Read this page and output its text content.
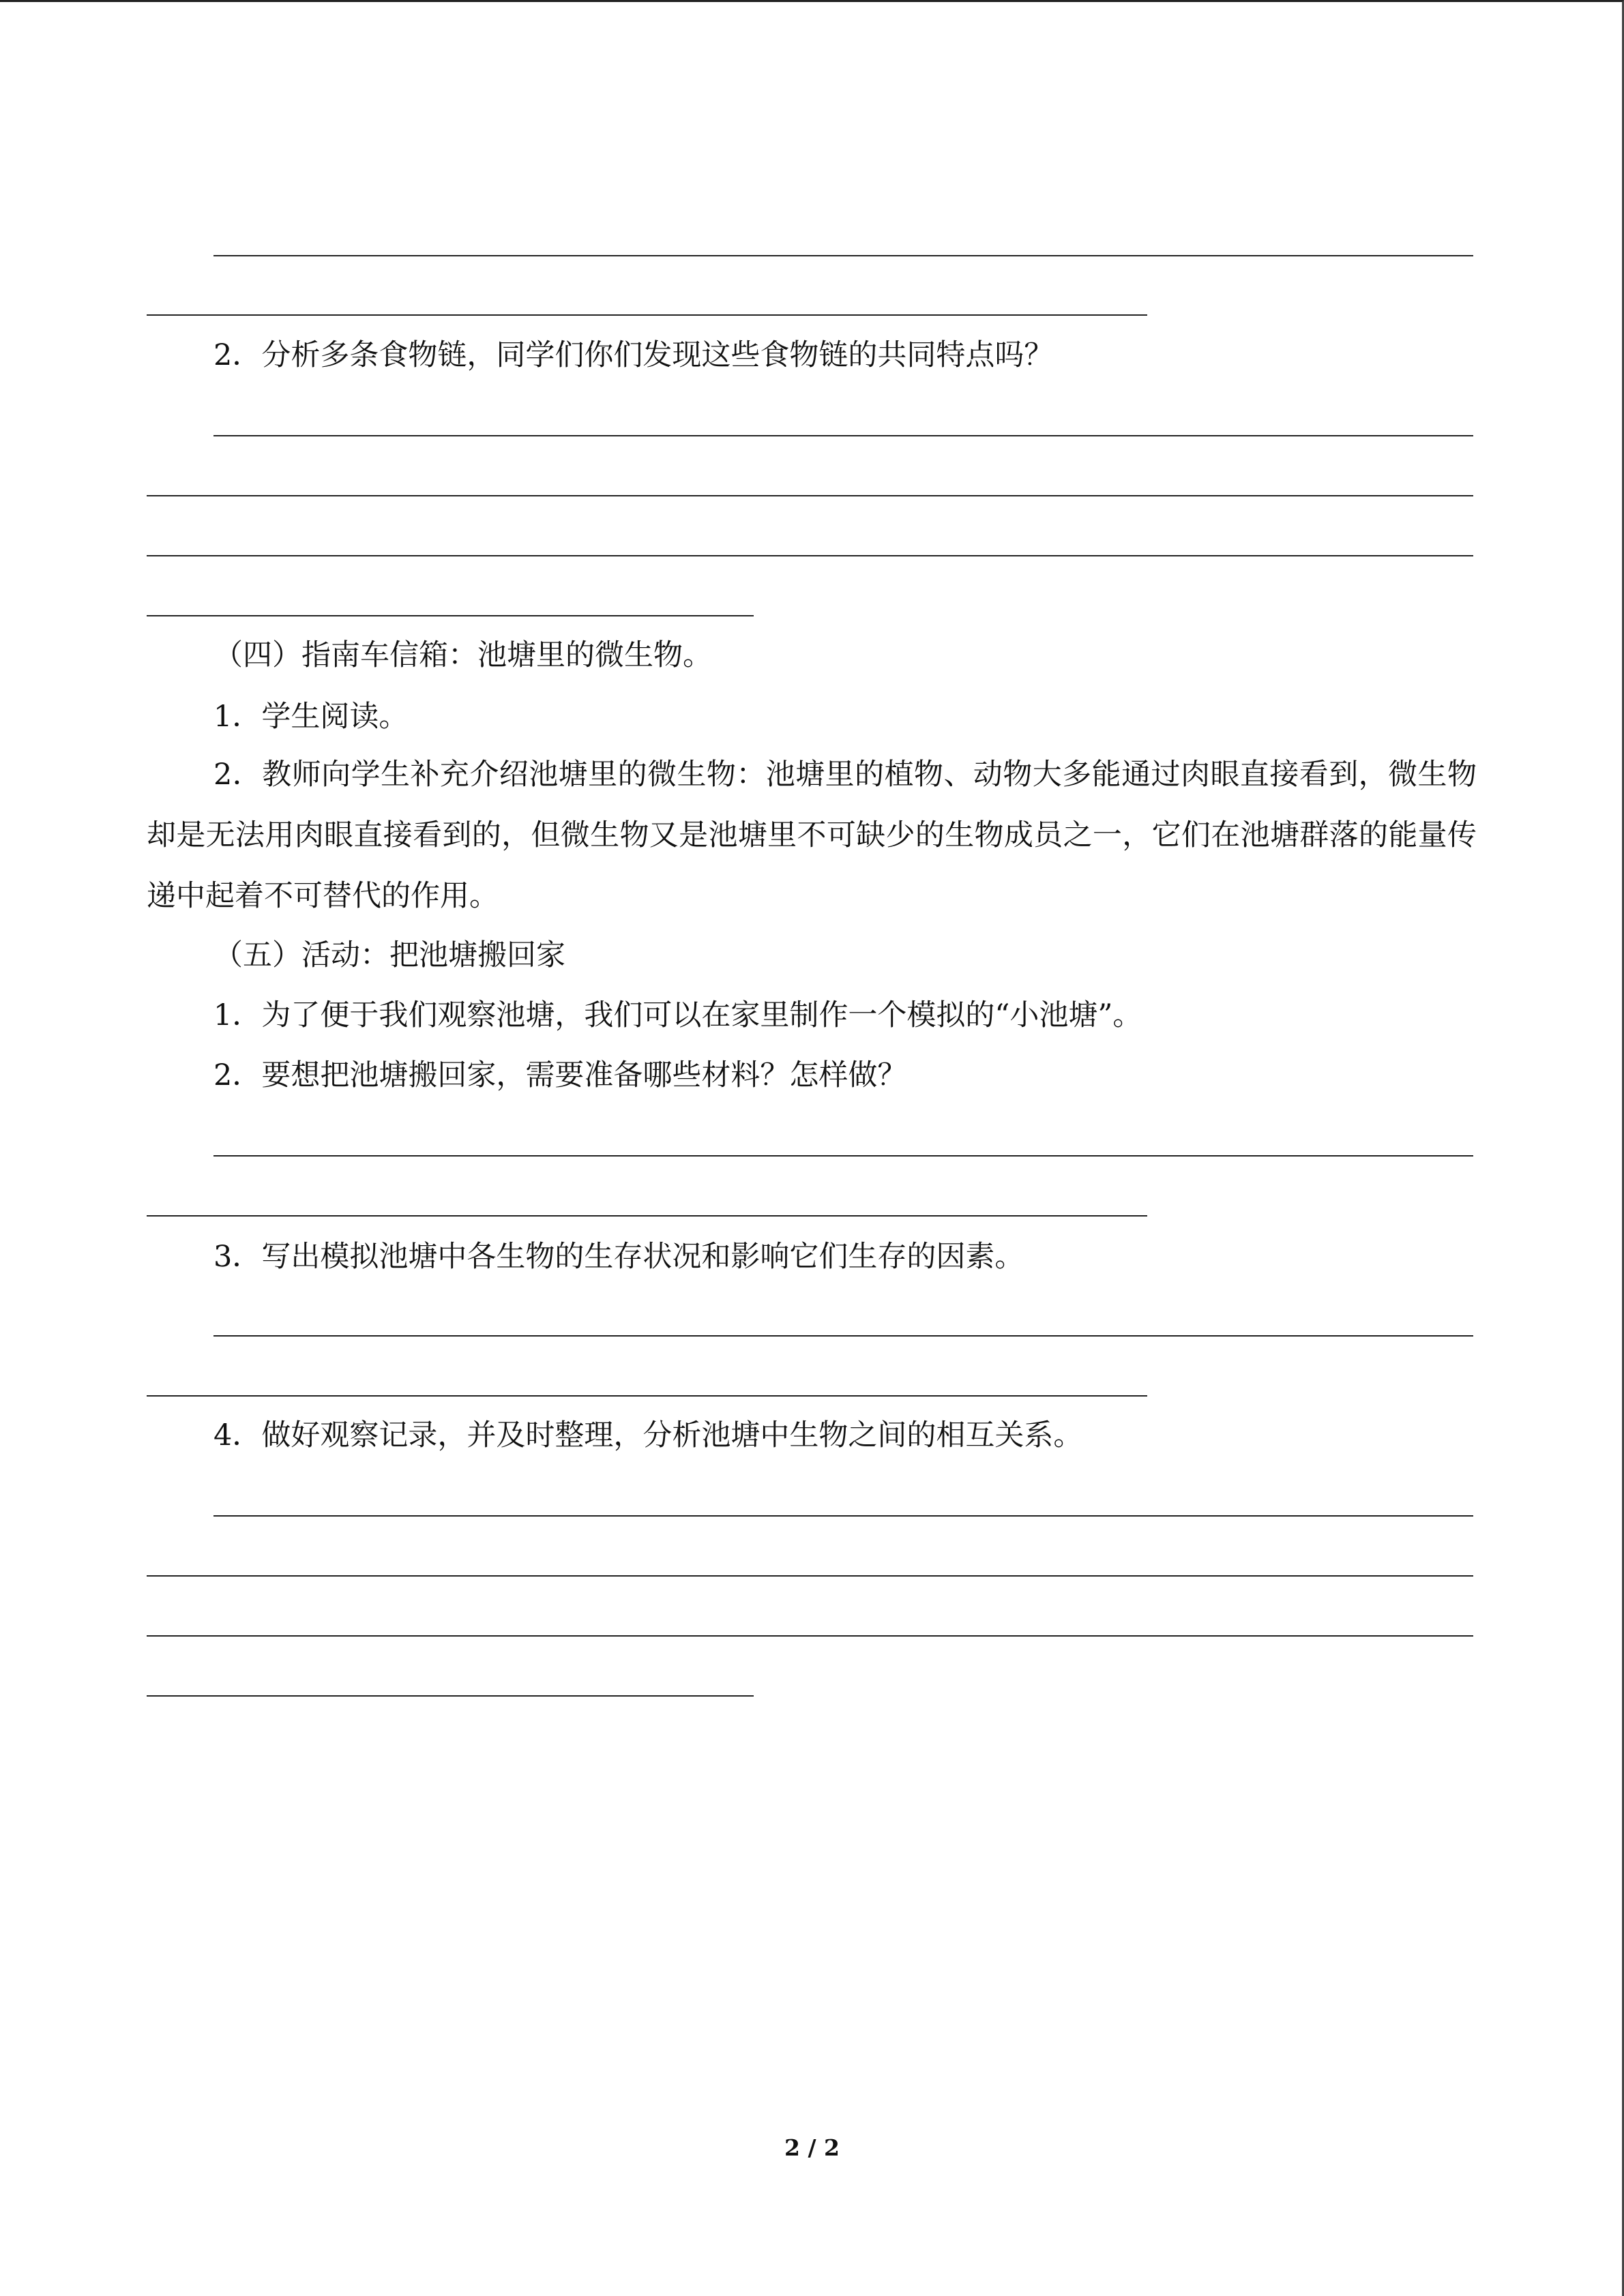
2．分析多条食物链，同学们你们发现这些食物链的共同特点吗？
（四）指南车信箱：池塘里的微生物。
1．学生阅读。
2．教师向学生补充介绍池塘里的微生物：池塘里的植物、动物大多能通过肉眼直接看到，微生物却是无法用肉眼直接看到的，但微生物又是池塘里不可缺少的生物成员之一，它们在池塘群落的能量传递中起着不可替代的作用。
（五）活动：把池塘搬回家
1．为了便于我们观察池塘，我们可以在家里制作一个模拟的“小池塘”。
2．要想把池塘搬回家，需要准备哪些材料？怎样做？
3．写出模拟池塘中各生物的生存状况和影响它们生存的因素。
4．做好观察记录，并及时整理，分析池塘中生物之间的相互关系。
2 / 2
